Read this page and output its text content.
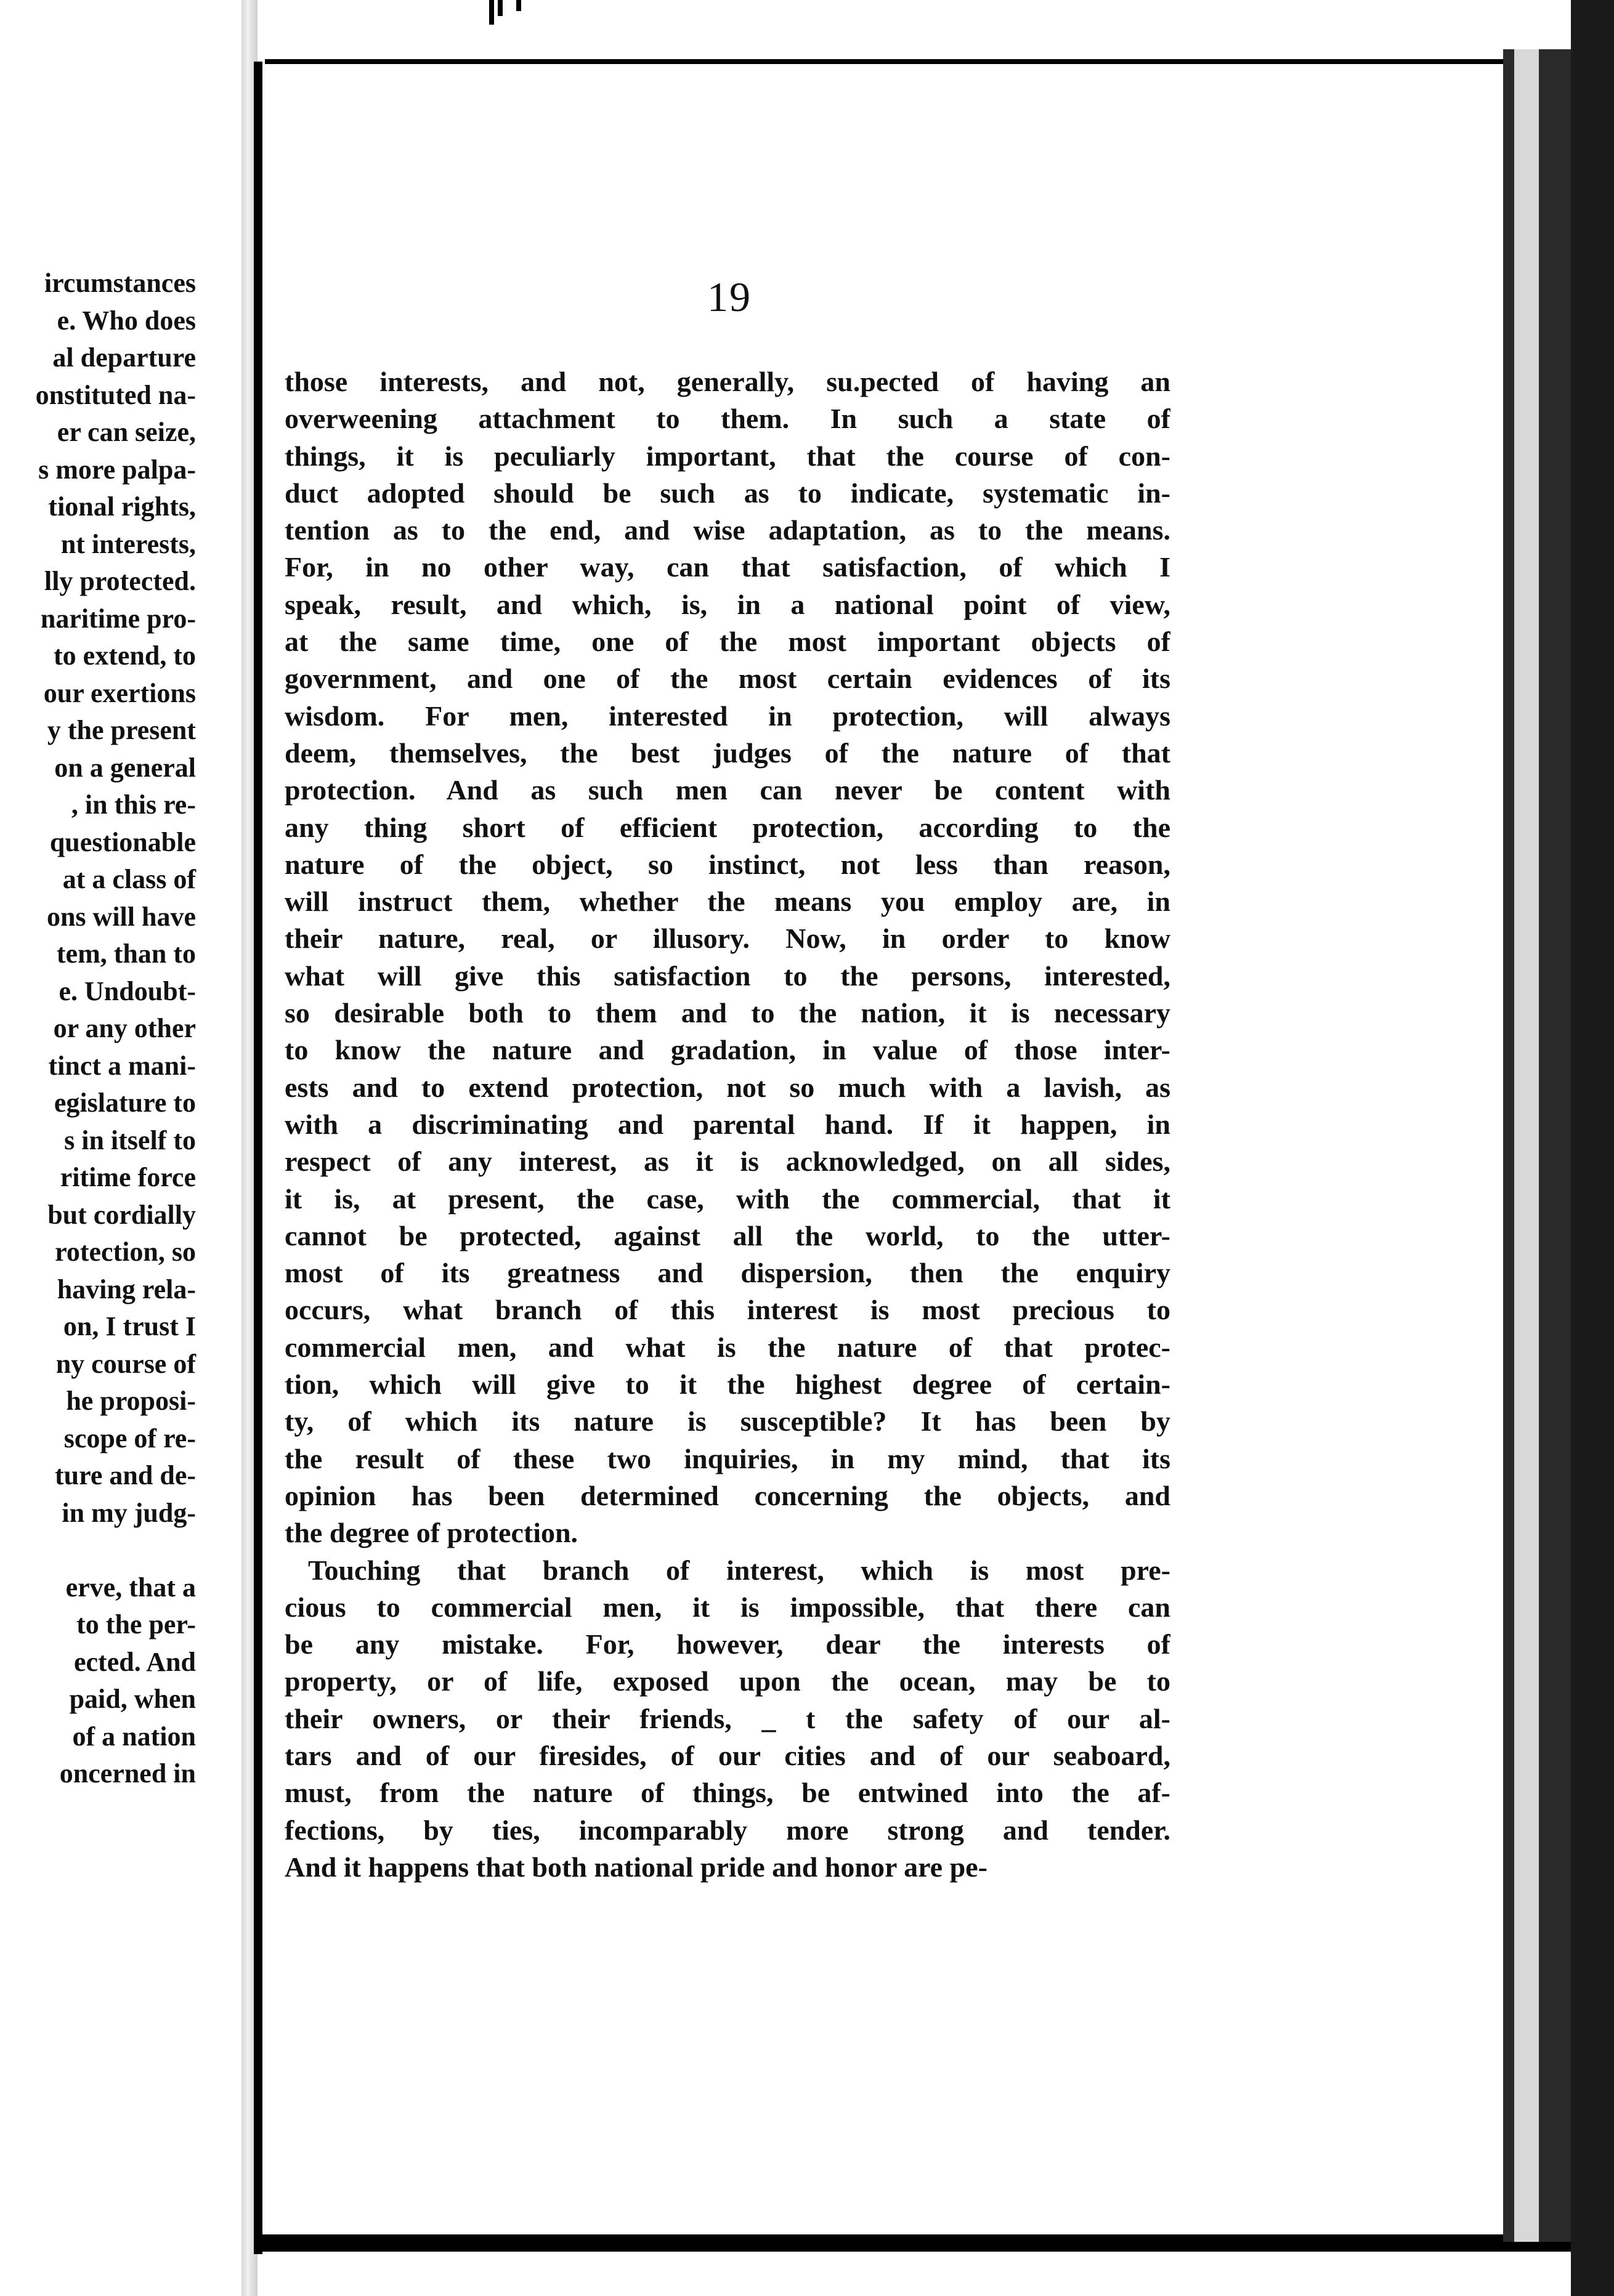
ircumstances
e. Who does
al departure
onstituted na-
er can seize,
s more palpa-
tional rights,
nt interests,
lly protected.
naritime pro-
to extend, to
our exertions
y the present
on a general
, in this re-
questionable
at a class of
ons will have
tem, than to
e. Undoubt-
or any other
tinct a mani-
egislature to
s in itself to
ritime force
but cordially
rotection, so
having rela-
on, I trust I
ny course of
he proposi-
scope of re-
ture and de-
in my judg-
erve, that a
to the per-
ected. And
paid, when
of a nation
oncerned in
19
those interests, and not, generally, su.pected of having an
overweening attachment to them. In such a state of
things, it is peculiarly important, that the course of con-
duct adopted should be such as to indicate, systematic in-
tention as to the end, and wise adaptation, as to the means.
For, in no other way, can that satisfaction, of which I
speak, result, and which, is, in a national point of view,
at the same time, one of the most important objects of
government, and one of the most certain evidences of its
wisdom. For men, interested in protection, will always
deem, themselves, the best judges of the nature of that
protection. And as such men can never be content with
any thing short of efficient protection, according to the
nature of the object, so instinct, not less than reason,
will instruct them, whether the means you employ are, in
their nature, real, or illusory. Now, in order to know
what will give this satisfaction to the persons, interested,
so desirable both to them and to the nation, it is necessary
to know the nature and gradation, in value of those inter-
ests and to extend protection, not so much with a lavish, as
with a discriminating and parental hand. If it happen, in
respect of any interest, as it is acknowledged, on all sides,
it is, at present, the case, with the commercial, that it
cannot be protected, against all the world, to the utter-
most of its greatness and dispersion, then the enquiry
occurs, what branch of this interest is most precious to
commercial men, and what is the nature of that protec-
tion, which will give to it the highest degree of certain-
ty, of which its nature is susceptible? It has been by
the result of these two inquiries, in my mind, that its
opinion has been determined concerning the objects, and
the degree of protection.
Touching that branch of interest, which is most pre-
cious to commercial men, it is impossible, that there can
be any mistake. For, however, dear the interests of
property, or of life, exposed upon the ocean, may be to
their owners, or their friends, _ t the safety of our al-
tars and of our firesides, of our cities and of our seaboard,
must, from the nature of things, be entwined into the af-
fections, by ties, incomparably more strong and tender.
And it happens that both national pride and honor are pe-
